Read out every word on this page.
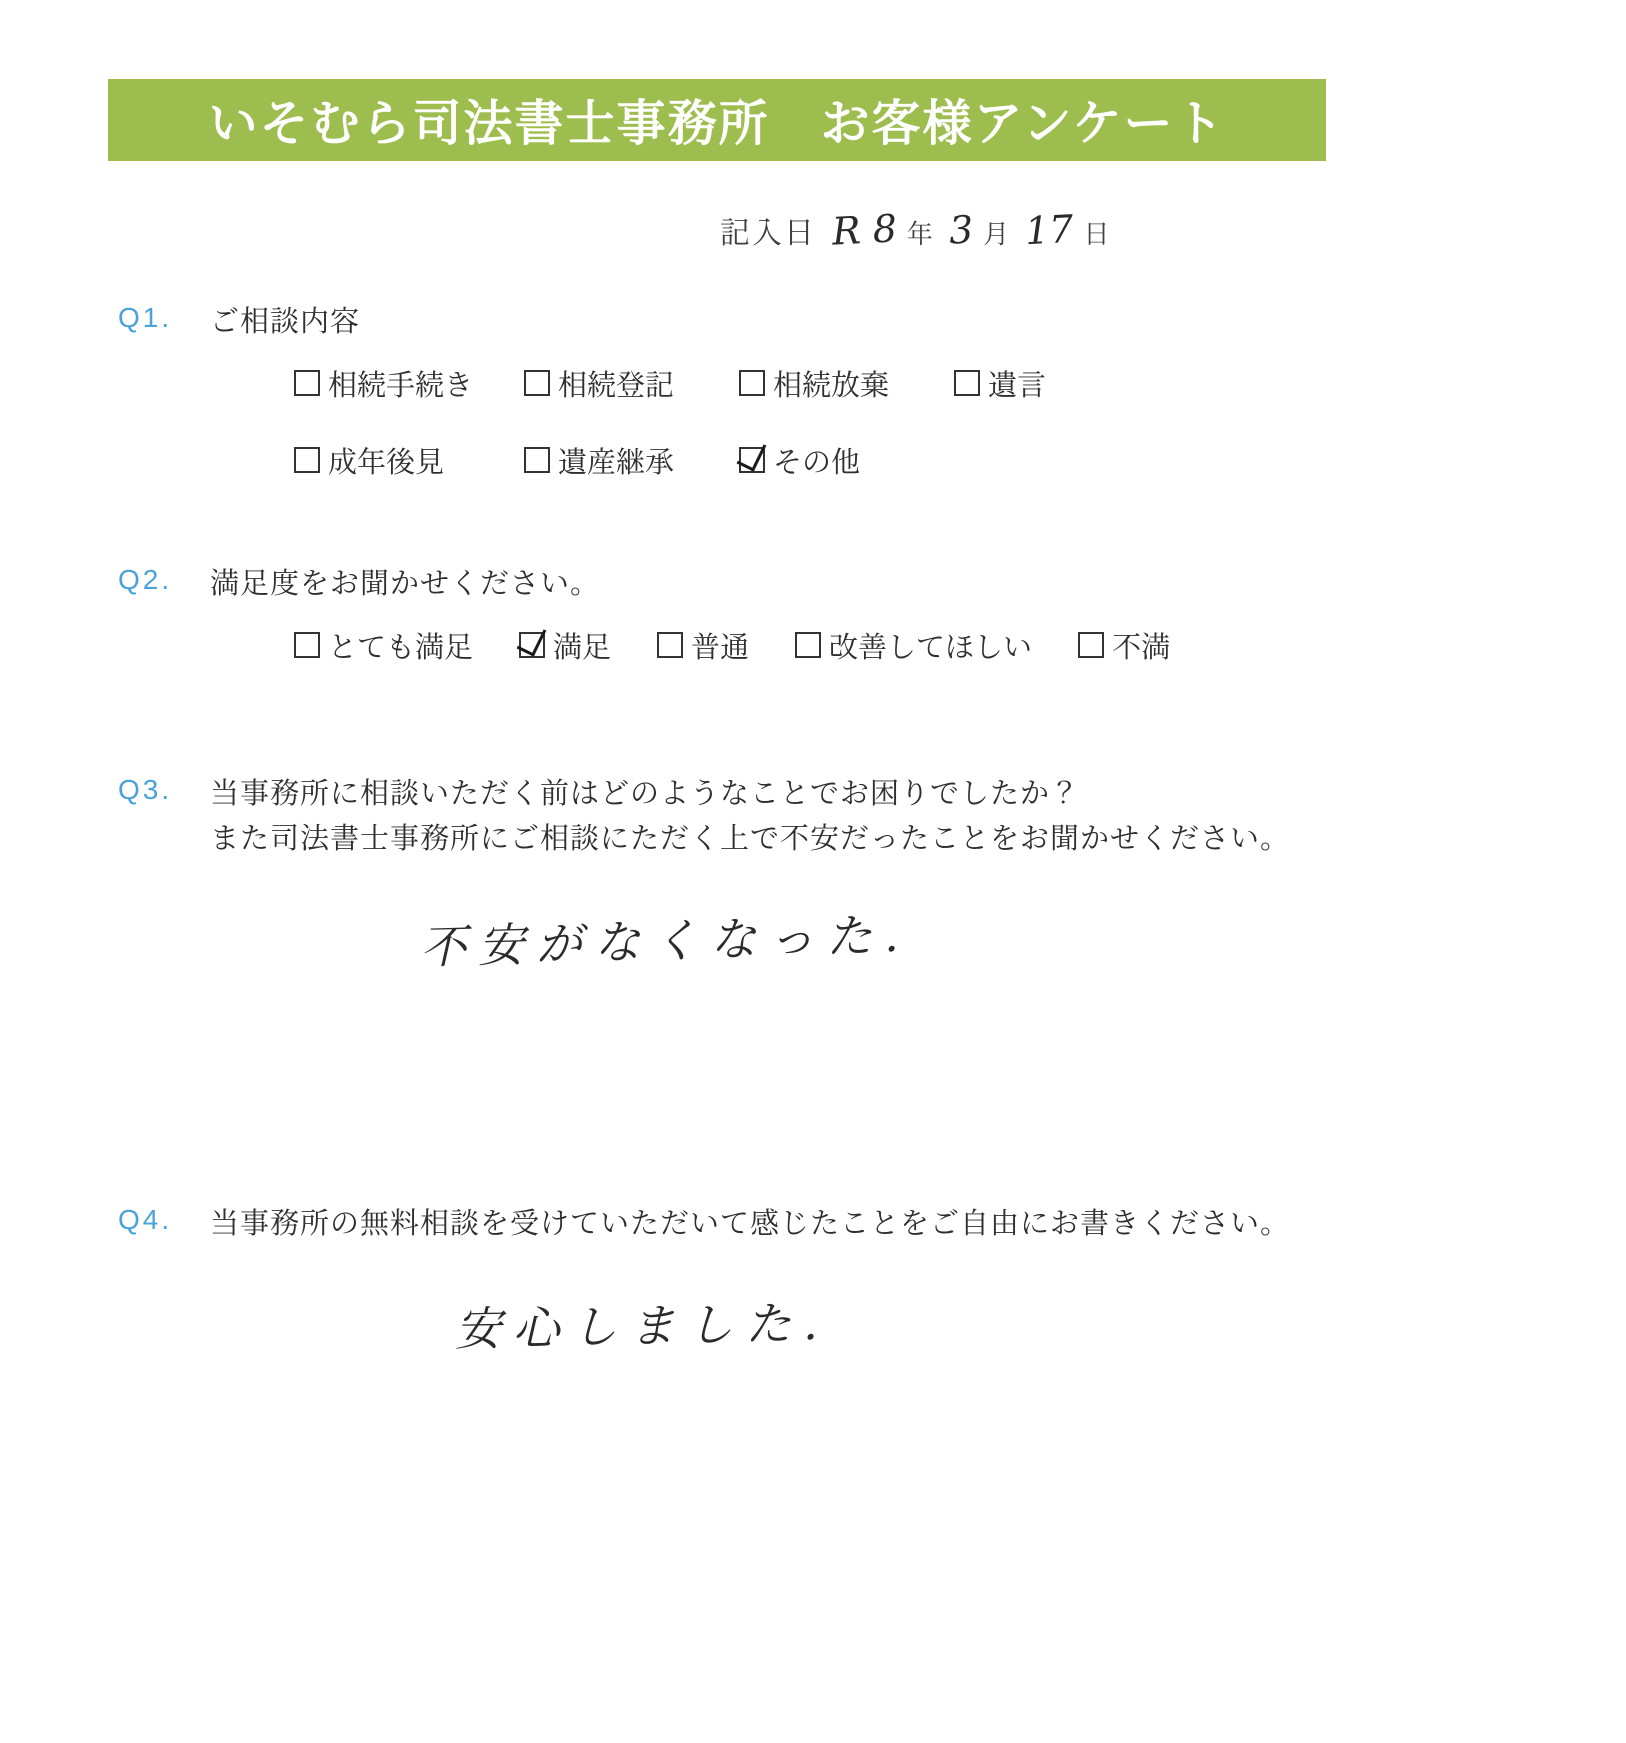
いそむら司法書士事務所　お客様アンケート
記入日 R 8 年 3 月 17 日
Q1.	ご相談内容
相続手続き	相続登記	相続放棄	遺言
成年後見	遺産継承	その他
Q2.	満足度をお聞かせください。
とても満足	満足	普通	改善してほしい	不満
Q3.	当事務所に相談いただく前はどのようなことでお困りでしたか？
また司法書士事務所にご相談にただく上で不安だったことをお聞かせください。
不安がなくなった.
Q4.	当事務所の無料相談を受けていただいて感じたことをご自由にお書きください。
安心しました.
